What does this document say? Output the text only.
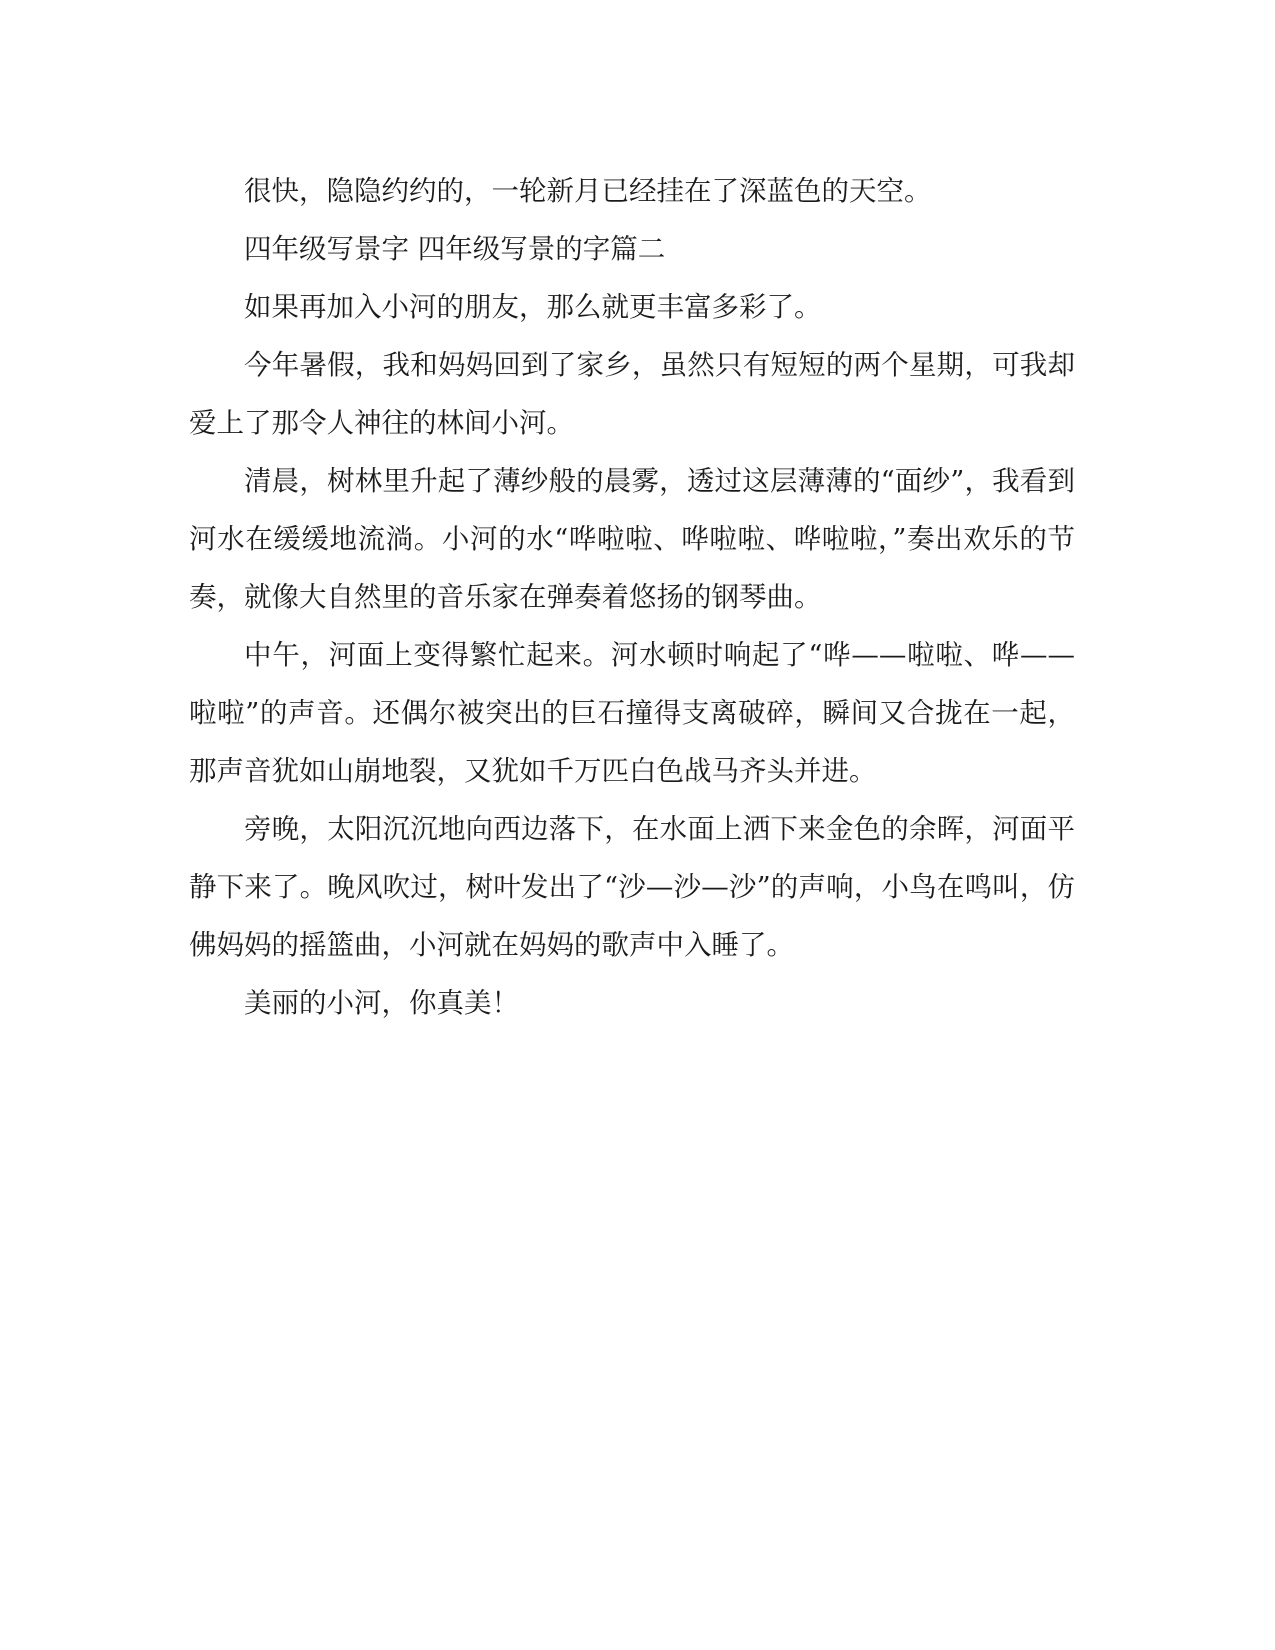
很快，隐隐约约的，一轮新月已经挂在了深蓝色的天空。

四年级写景字 四年级写景的字篇二

如果再加入小河的朋友，那么就更丰富多彩了。

今年暑假，我和妈妈回到了家乡，虽然只有短短的两个星期，可我却爱上了那令人神往的林间小河。

清晨，树林里升起了薄纱般的晨雾，透过这层薄薄的“面纱”，我看到河水在缓缓地流淌。小河的水“哗啦啦、哗啦啦、哗啦啦，”奏出欢乐的节奏，就像大自然里的音乐家在弹奏着悠扬的钢琴曲。

中午，河面上变得繁忙起来。河水顿时响起了“哗——啦啦、哗——啦啦”的声音。还偶尔被突出的巨石撞得支离破碎，瞬间又合拢在一起，那声音犹如山崩地裂，又犹如千万匹白色战马齐头并进。

旁晚，太阳沉沉地向西边落下，在水面上洒下来金色的余晖，河面平静下来了。晚风吹过，树叶发出了“沙—沙—沙”的声响，小鸟在鸣叫，仿佛妈妈的摇篮曲，小河就在妈妈的歌声中入睡了。

美丽的小河，你真美！
